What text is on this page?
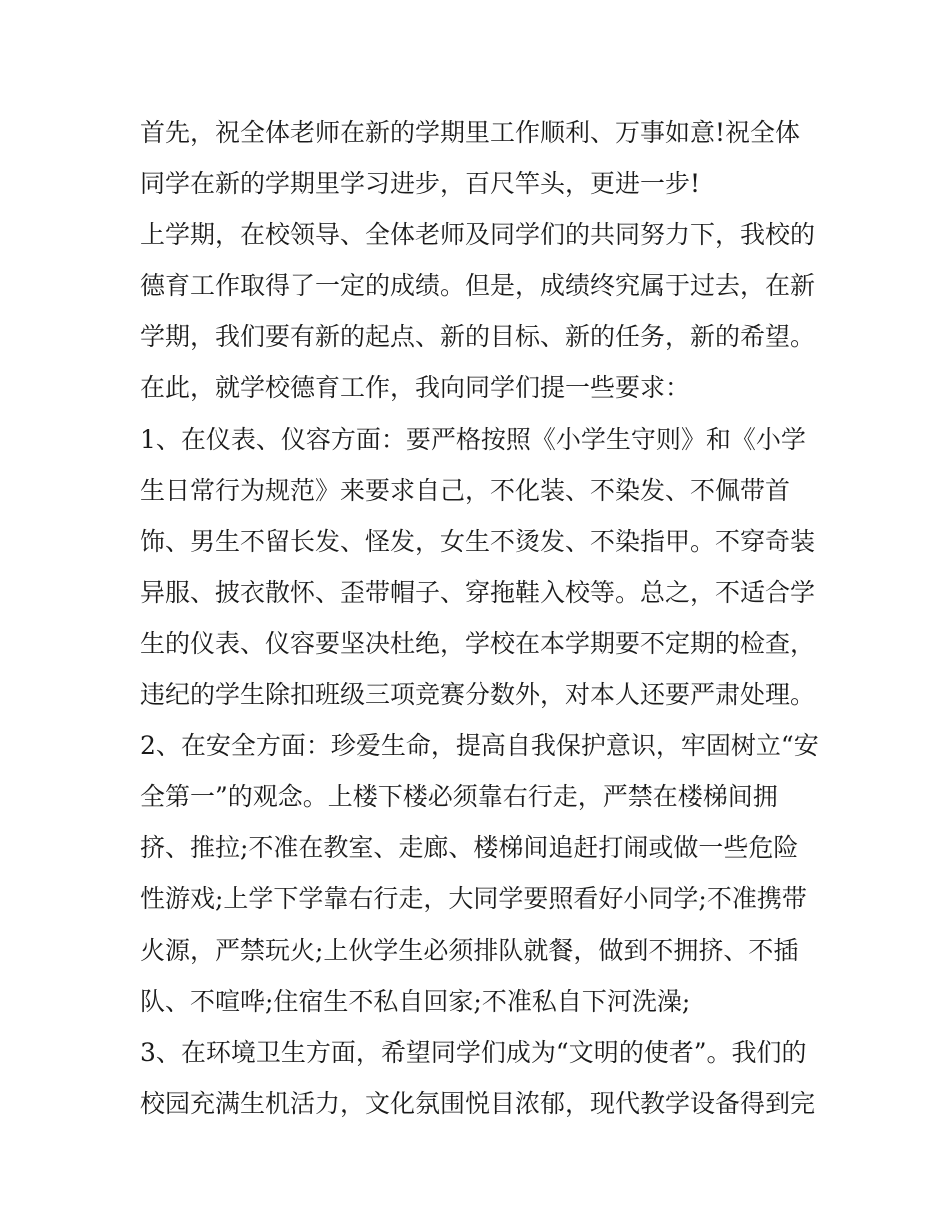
首先，祝全体老师在新的学期里工作顺利、万事如意!祝全体
同学在新的学期里学习进步，百尺竿头，更进一步!
上学期，在校领导、全体老师及同学们的共同努力下，我校的
德育工作取得了一定的成绩。但是，成绩终究属于过去，在新
学期，我们要有新的起点、新的目标、新的任务，新的希望。
在此，就学校德育工作，我向同学们提一些要求：
1、在仪表、仪容方面：要严格按照《小学生守则》和《小学
生日常行为规范》来要求自己，不化装、不染发、不佩带首
饰、男生不留长发、怪发，女生不烫发、不染指甲。不穿奇装
异服、披衣散怀、歪带帽子、穿拖鞋入校等。总之，不适合学
生的仪表、仪容要坚决杜绝，学校在本学期要不定期的检查，
违纪的学生除扣班级三项竞赛分数外，对本人还要严肃处理。
2、在安全方面：珍爱生命，提高自我保护意识，牢固树立“安
全第一”的观念。上楼下楼必须靠右行走，严禁在楼梯间拥
挤、推拉;不准在教室、走廊、楼梯间追赶打闹或做一些危险
性游戏;上学下学靠右行走，大同学要照看好小同学;不准携带
火源，严禁玩火;上伙学生必须排队就餐，做到不拥挤、不插
队、不喧哗;住宿生不私自回家;不准私自下河洗澡;
3、在环境卫生方面，希望同学们成为“文明的使者”。我们的
校园充满生机活力，文化氛围悦目浓郁，现代教学设备得到完
